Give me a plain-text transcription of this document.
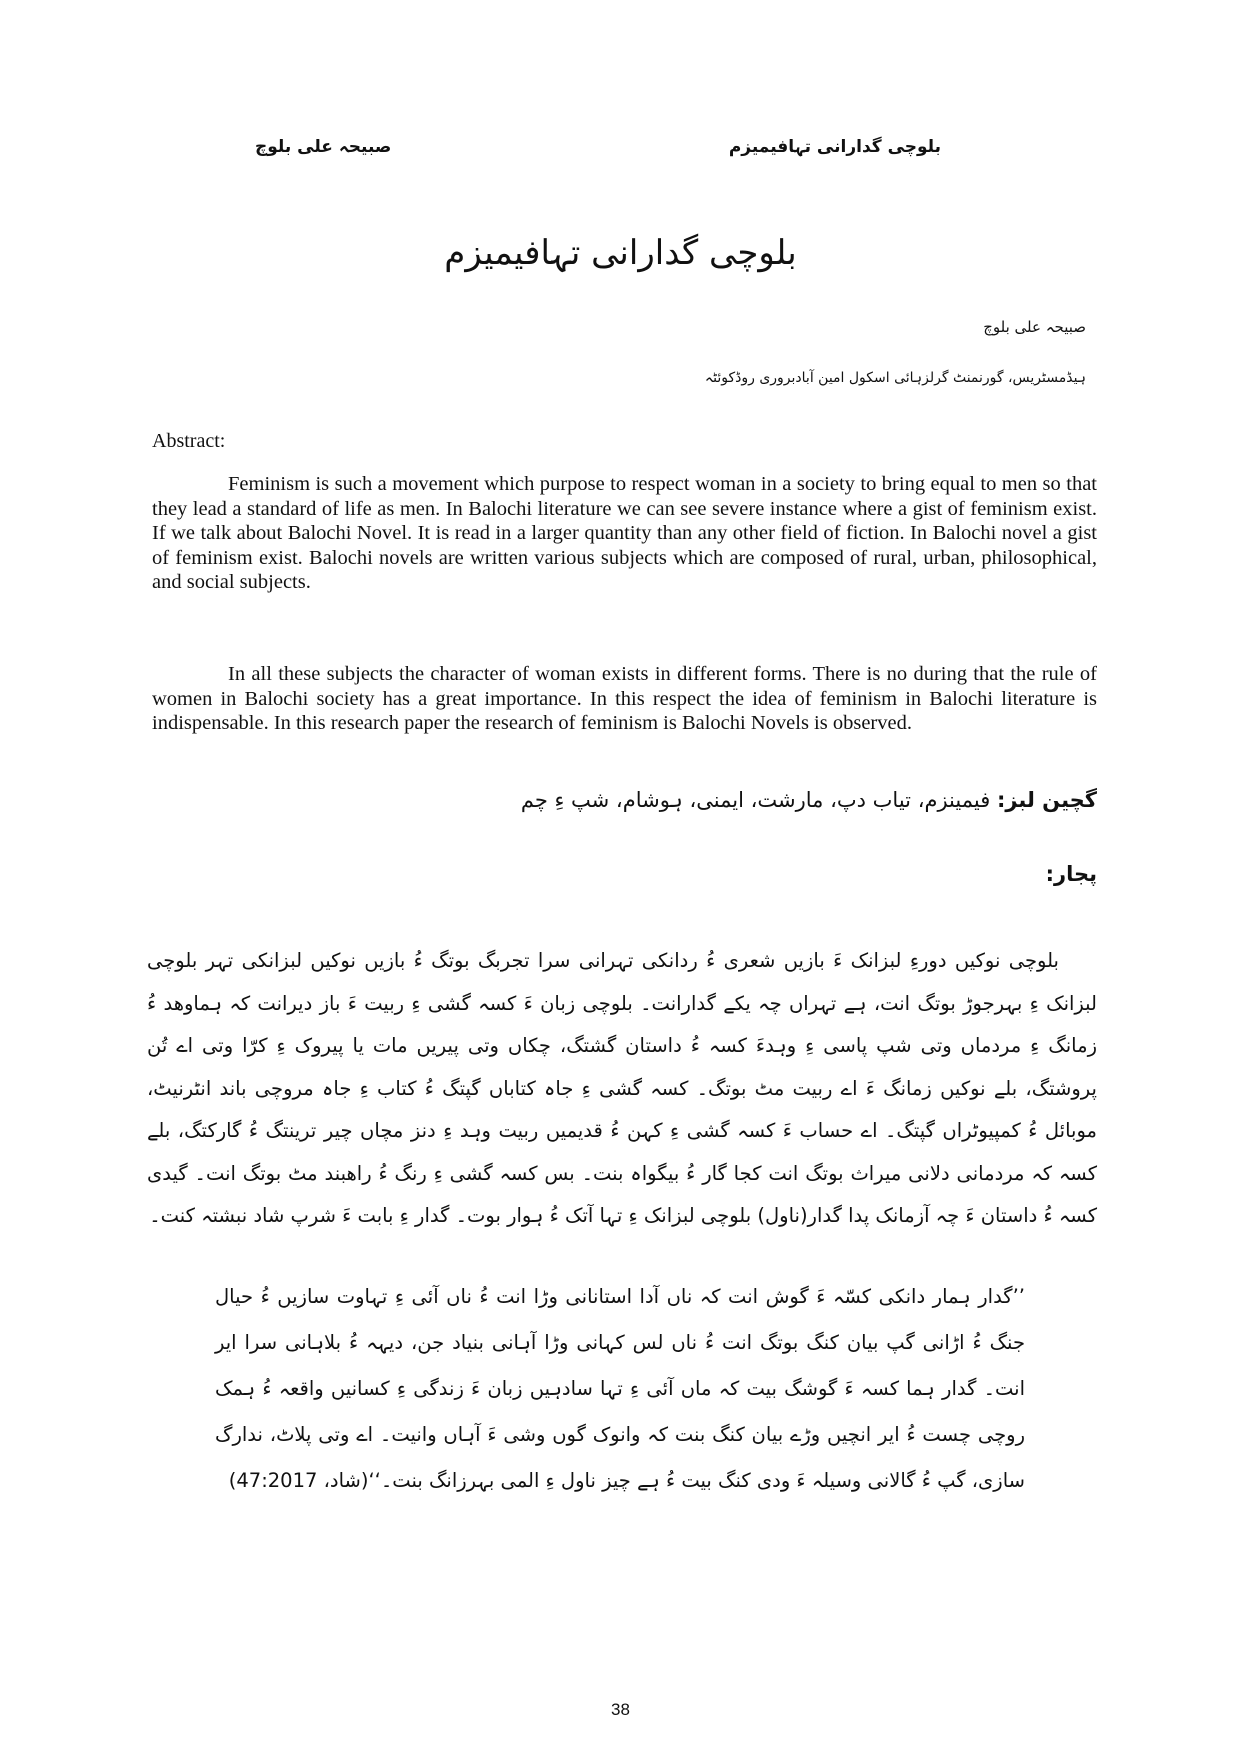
صبیحہ علی بلوچ	بلوچی گدارانی تہافیمیزم
بلوچی گدارانی تہافیمیزم
صبیحہ علی بلوچ
ہیڈمسٹریس، گورنمنٹ گرلزہائی اسکول امین آبادبروری روڈکوئٹہ
Abstract:
Feminism is such a movement which purpose to respect woman in a society to bring equal to men so that they lead a standard of life as men. In Balochi literature we can see severe instance where a gist of feminism exist. If we talk about Balochi Novel. It is read in a larger quantity than any other field of fiction. In Balochi novel a gist of feminism exist. Balochi novels are written various subjects which are composed of rural, urban, philosophical, and social subjects.
In all these subjects the character of woman exists in different forms. There is no during that the rule of women in Balochi society has a great importance. In this respect the idea of feminism in Balochi literature is indispensable. In this research paper the research of feminism is Balochi Novels is observed.
گچین لبز: فیمینزم، تیاب دپ، مارشت، ایمنی، ہوشام، شپ ءِ چم
پجار:
بلوچی نوکیں دورءِ لبزانک ءَ بازیں شعری ءُ ردانکی تہرانی سرا تجربگ بوتگ ءُ بازیں نوکیں لبزانکی تہر بلوچی لبزانک ءِ بہرجوڑ بوتگ انت، ہے تہراں چہ یکے گدارانت۔ بلوچی زبان ءَ کسہ گشی ءِ ربیت ءَ باز دیرانت کہ ہماوھد ءُ زمانگ ءِ مردماں وتی شپ پاسی ءِ وہدءَ کسہ ءُ داستان گشتگ، چکاں وتی پیریں مات یا پیروک ءِ کرّا وتی اے تُن پروشتگ، بلے نوکیں زمانگ ءَ اے ربیت مٹ بوتگ۔ کسہ گشی ءِ جاہ کتاباں گپتگ ءُ کتاب ءِ جاہ مروچی باند انٹرنیٹ، موبائل ءُ کمپیوٹراں گپتگ۔ اے حساب ءَ کسہ گشی ءِ کہن ءُ قدیمیں ربیت وہد ءِ دنز مچاں چیر ترینتگ ءُ گارکتگ، بلے کسہ کہ مردمانی دلانی میراث بوتگ انت کجا گار ءُ بیگواہ بنت۔ بس کسہ گشی ءِ رنگ ءُ راھبند مٹ بوتگ انت۔ گیدی کسہ ءُ داستان ءَ چہ آزمانک پدا گدار(ناول) بلوچی لبزانک ءِ تہا آتک ءُ ہوار بوت۔ گدار ءِ بابت ءَ شرپ شاد نبشتہ کنت۔
’’گدار ہمار دانکی کسّہ ءَ گوش انت کہ ناں آدا استانانی وڑا انت ءُ ناں آئی ءِ تہاوت سازیں ءُ حیال جنگ ءُ اڑانی گپ بیان کنگ بوتگ انت ءُ ناں لس کہانی وڑا آہانی بنیاد جن، دیہہ ءُ بلاہانی سرا ایر انت۔ گدار ہما کسہ ءَ گوشگ بیت کہ ماں آئی ءِ تہا سادہیں زبان ءَ زندگی ءِ کسانیں واقعہ ءُ ہمک روچی چست ءُ ایر انچیں وڑے بیان کنگ بنت کہ وانوک گوں وشی ءَ آہاں وانیت۔ اے وتی پلاٹ، ندارگ سازی، گپ ءُ گالانی وسیلہ ءَ ودی کنگ بیت ءُ ہے چیز ناول ءِ المی بہرزانگ بنت۔‘‘(شاد، 47:2017)
38
